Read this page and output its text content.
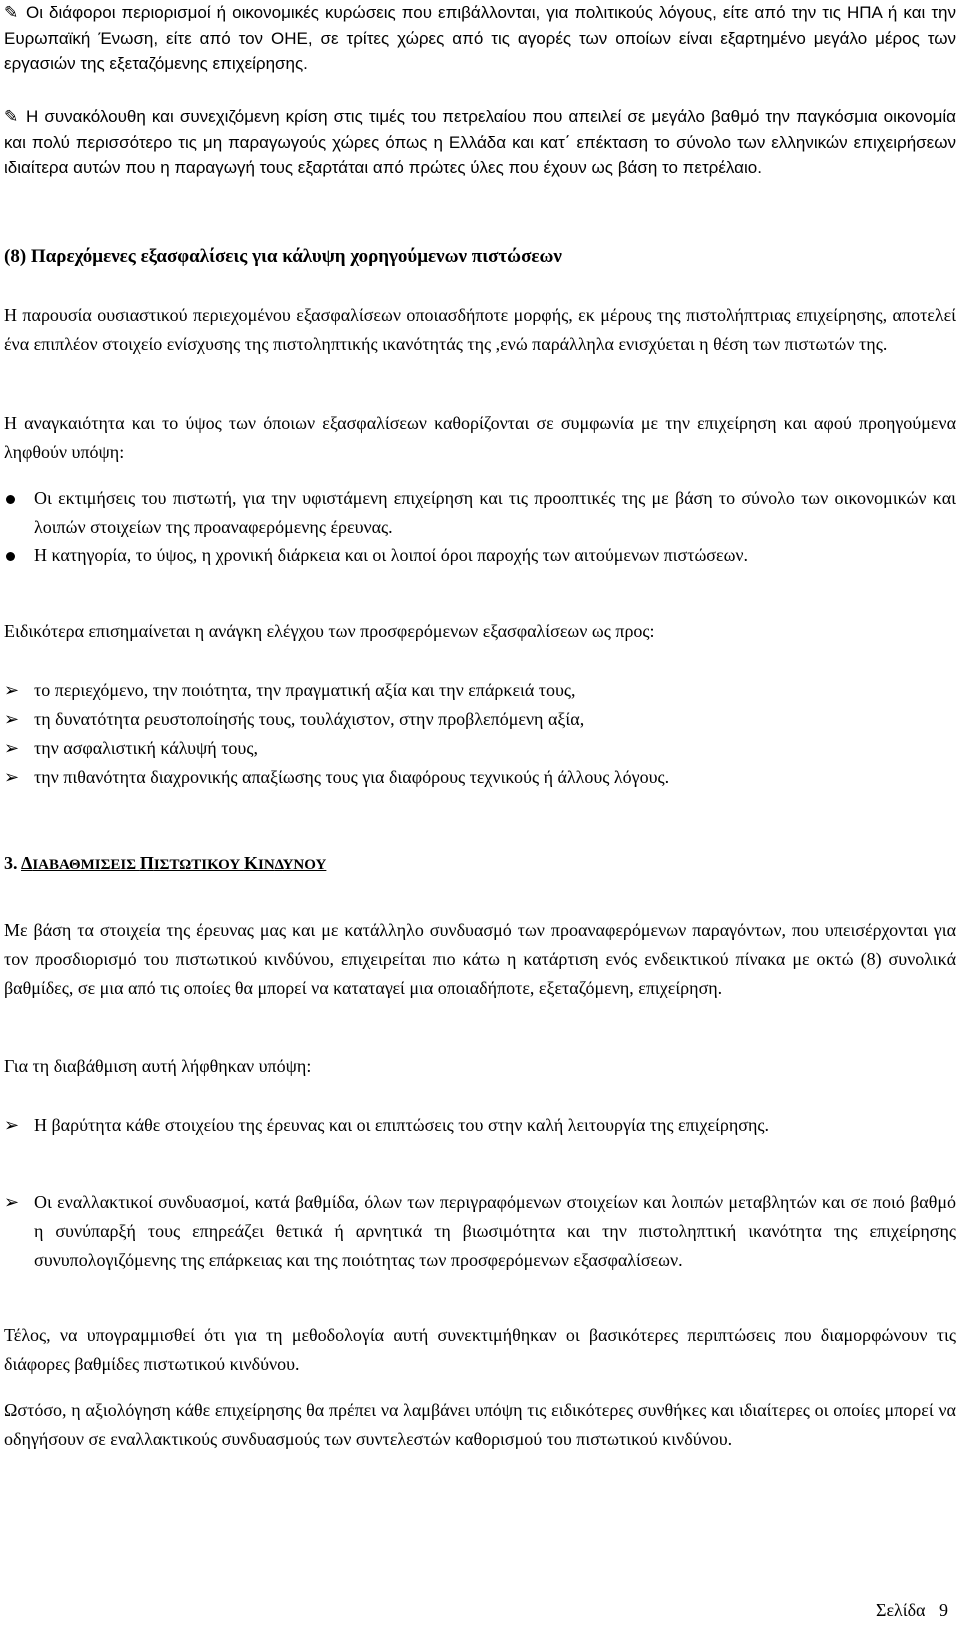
✎ Οι διάφοροι περιορισμοί ή οικονομικές κυρώσεις που επιβάλλονται, για πολιτικούς λόγους, είτε από την τις ΗΠΑ ή και την Ευρωπαϊκή Ένωση, είτε από τον ΟΗΕ, σε τρίτες χώρες από τις αγορές των οποίων είναι εξαρτημένο μεγάλο μέρος των εργασιών της εξεταζόμενης επιχείρησης.
✎ Η συνακόλουθη και συνεχιζόμενη κρίση στις τιμές του πετρελαίου που απειλεί σε μεγάλο βαθμό την παγκόσμια οικονομία και πολύ περισσότερο τις μη παραγωγούς χώρες όπως η Ελλάδα και κατ΄ επέκταση το σύνολο των ελληνικών επιχειρήσεων ιδιαίτερα αυτών που η παραγωγή τους εξαρτάται από πρώτες ύλες που έχουν ως βάση το πετρέλαιο.
(8) Παρεχόμενες εξασφαλίσεις για κάλυψη χορηγούμενων πιστώσεων
Η παρουσία ουσιαστικού περιεχομένου εξασφαλίσεων οποιασδήποτε μορφής, εκ μέρους της πιστολήπτριας επιχείρησης, αποτελεί ένα επιπλέον στοιχείο ενίσχυσης της πιστοληπτικής ικανότητάς της ,ενώ παράλληλα ενισχύεται η θέση των πιστωτών της.
Η αναγκαιότητα και το ύψος των όποιων εξασφαλίσεων καθορίζονται σε συμφωνία με την επιχείρηση και αφού προηγούμενα ληφθούν υπόψη:
Οι εκτιμήσεις του πιστωτή, για την υφιστάμενη επιχείρηση και τις προοπτικές της με βάση το σύνολο των οικονομικών και λοιπών στοιχείων της προαναφερόμενης έρευνας.
Η κατηγορία, το ύψος, η χρονική διάρκεια και οι λοιποί όροι παροχής των αιτούμενων πιστώσεων.
Ειδικότερα επισημαίνεται η ανάγκη ελέγχου των προσφερόμενων εξασφαλίσεων ως προς:
➢ το περιεχόμενο, την ποιότητα, την πραγματική αξία και την επάρκειά τους,
➢ τη δυνατότητα ρευστοποίησής τους, τουλάχιστον, στην προβλεπόμενη αξία,
➢ την ασφαλιστική κάλυψή τους,
➢ την πιθανότητα διαχρονικής απαξίωσης τους για διαφόρους τεχνικούς ή άλλους λόγους.
3. ΔΙΑΒΑΘΜΙΣΕΙΣ ΠΙΣΤΩΤΙΚΟΥ ΚΙΝΔΥΝΟΥ
Με βάση τα στοιχεία της έρευνας μας και με κατάλληλο συνδυασμό των προαναφερόμενων παραγόντων, που υπεισέρχονται για τον προσδιορισμό του πιστωτικού κινδύνου, επιχειρείται πιο κάτω η κατάρτιση ενός ενδεικτικού πίνακα με οκτώ (8) συνολικά βαθμίδες, σε μια από τις οποίες θα μπορεί να καταταγεί μια οποιαδήποτε, εξεταζόμενη, επιχείρηση.
Για τη διαβάθμιση αυτή λήφθηκαν υπόψη:
➢ Η βαρύτητα κάθε στοιχείου της έρευνας και οι επιπτώσεις του στην καλή λειτουργία της επιχείρησης.
➢ Οι εναλλακτικοί συνδυασμοί, κατά βαθμίδα, όλων των περιγραφόμενων στοιχείων και λοιπών μεταβλητών και σε ποιό βαθμό η συνύπαρξή τους επηρεάζει θετικά ή αρνητικά τη βιωσιμότητα και την πιστοληπτική ικανότητα της επιχείρησης συνυπολογιζόμενης της επάρκειας και της ποιότητας των προσφερόμενων εξασφαλίσεων.
Τέλος, να υπογραμμισθεί ότι για τη μεθοδολογία αυτή συνεκτιμήθηκαν οι βασικότερες περιπτώσεις που διαμορφώνουν τις διάφορες βαθμίδες πιστωτικού κινδύνου.
Ωστόσο, η αξιολόγηση κάθε επιχείρησης θα πρέπει να λαμβάνει υπόψη τις ειδικότερες συνθήκες και ιδιαίτερες οι οποίες μπορεί να οδηγήσουν σε εναλλακτικούς συνδυασμούς των συντελεστών καθορισμού του πιστωτικού κινδύνου.
Σελίδα 9
